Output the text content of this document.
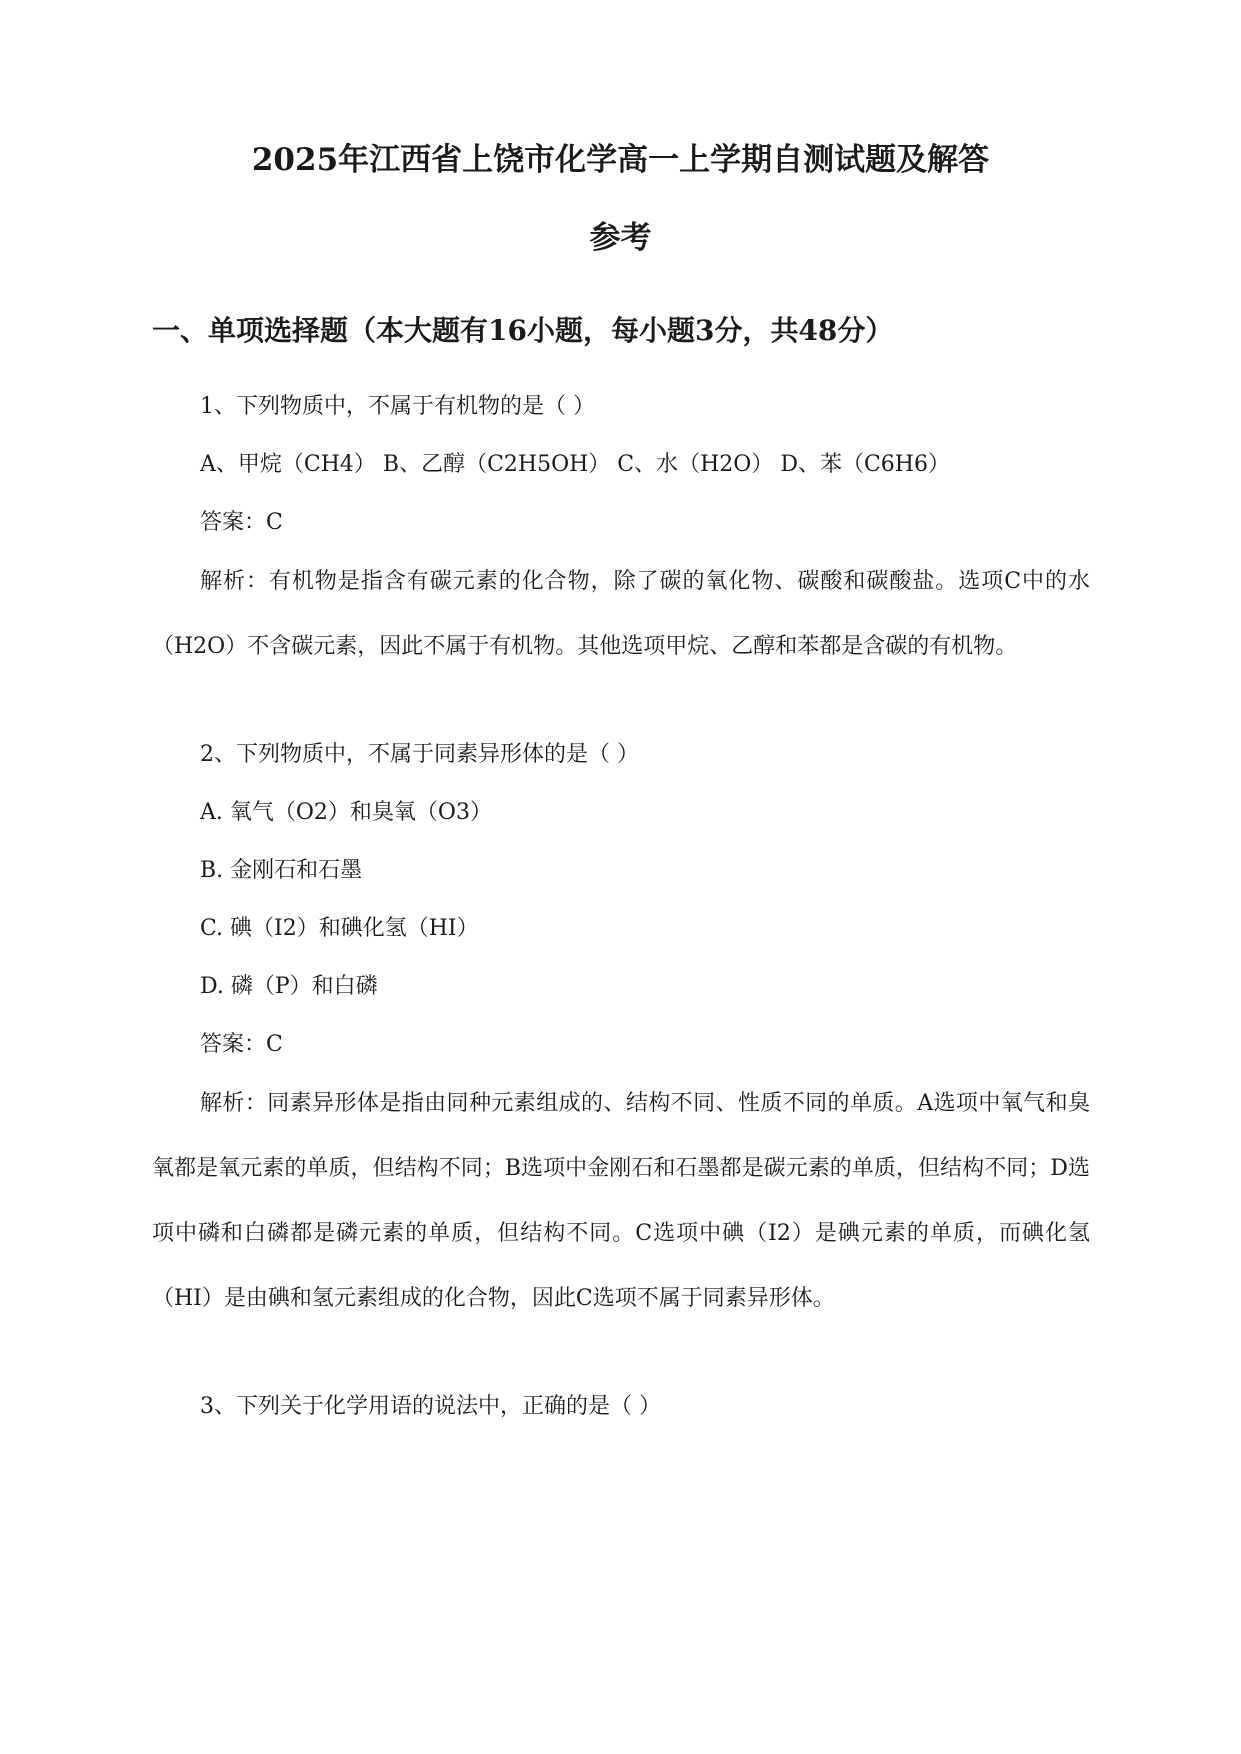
2025年江西省上饶市化学高一上学期自测试题及解答
参考
一、单项选择题（本大题有16小题，每小题3分，共48分）
1、下列物质中，不属于有机物的是（ ）
A、甲烷（CH4） B、乙醇（C2H5OH） C、水（H2O） D、苯（C6H6）
答案：C

解析：有机物是指含有碳元素的化合物，除了碳的氧化物、碳酸和碳酸盐。选项C中的水（H2O）不含碳元素，因此不属于有机物。其他选项甲烷、乙醇和苯都是含碳的有机物。

2、下列物质中，不属于同素异形体的是（ ）
A. 氧气（O2）和臭氧（O3）
B. 金刚石和石墨
C. 碘（I2）和碘化氢（HI）
D. 磷（P）和白磷
答案：C

解析：同素异形体是指由同种元素组成的、结构不同、性质不同的单质。A选项中氧气和臭氧都是氧元素的单质，但结构不同；B选项中金刚石和石墨都是碳元素的单质，但结构不同；D选项中磷和白磷都是磷元素的单质，但结构不同。C选项中碘（I2）是碘元素的单质，而碘化氢（HI）是由碘和氢元素组成的化合物，因此C选项不属于同素异形体。

3、下列关于化学用语的说法中，正确的是（ ）
